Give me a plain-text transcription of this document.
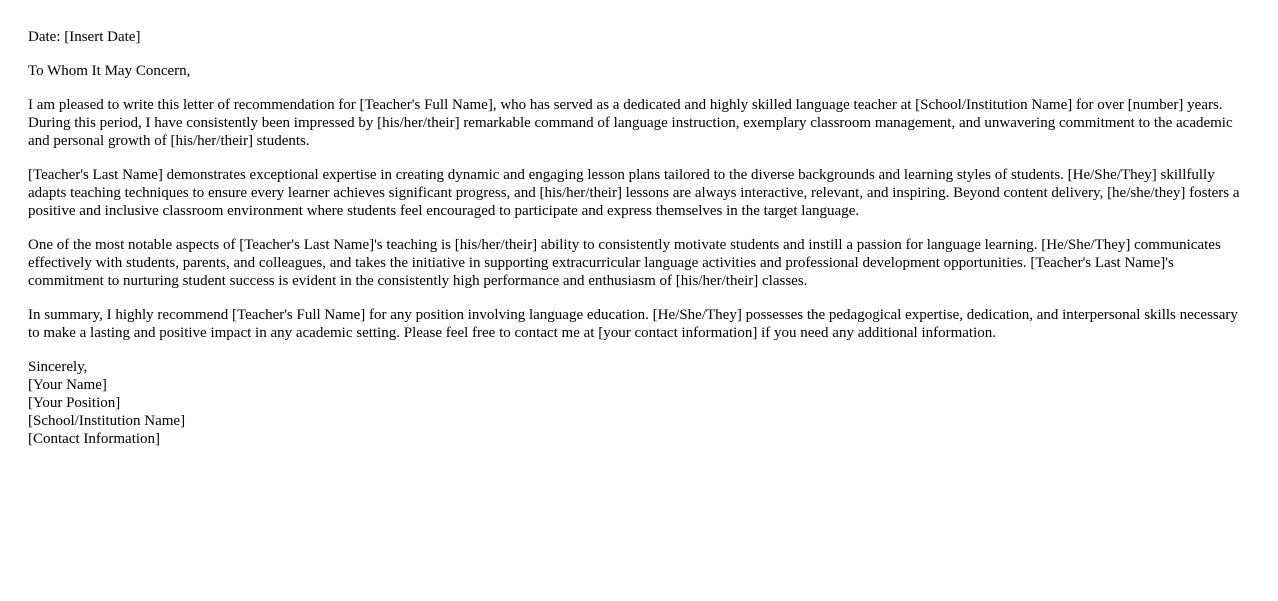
Date: [Insert Date]

To Whom It May Concern,

I am pleased to write this letter of recommendation for [Teacher's Full Name], who has served as a dedicated and highly skilled language teacher at [School/Institution Name] for over [number] years. During this period, I have consistently been impressed by [his/her/their] remarkable command of language instruction, exemplary classroom management, and unwavering commitment to the academic and personal growth of [his/her/their] students.

[Teacher's Last Name] demonstrates exceptional expertise in creating dynamic and engaging lesson plans tailored to the diverse backgrounds and learning styles of students. [He/She/They] skillfully adapts teaching techniques to ensure every learner achieves significant progress, and [his/her/their] lessons are always interactive, relevant, and inspiring. Beyond content delivery, [he/she/they] fosters a positive and inclusive classroom environment where students feel encouraged to participate and express themselves in the target language.

One of the most notable aspects of [Teacher's Last Name]'s teaching is [his/her/their] ability to consistently motivate students and instill a passion for language learning. [He/She/They] communicates effectively with students, parents, and colleagues, and takes the initiative in supporting extracurricular language activities and professional development opportunities. [Teacher's Last Name]'s commitment to nurturing student success is evident in the consistently high performance and enthusiasm of [his/her/their] classes.

In summary, I highly recommend [Teacher's Full Name] for any position involving language education. [He/She/They] possesses the pedagogical expertise, dedication, and interpersonal skills necessary to make a lasting and positive impact in any academic setting. Please feel free to contact me at [your contact information] if you need any additional information.

Sincerely,
[Your Name]
[Your Position]
[School/Institution Name]
[Contact Information]
